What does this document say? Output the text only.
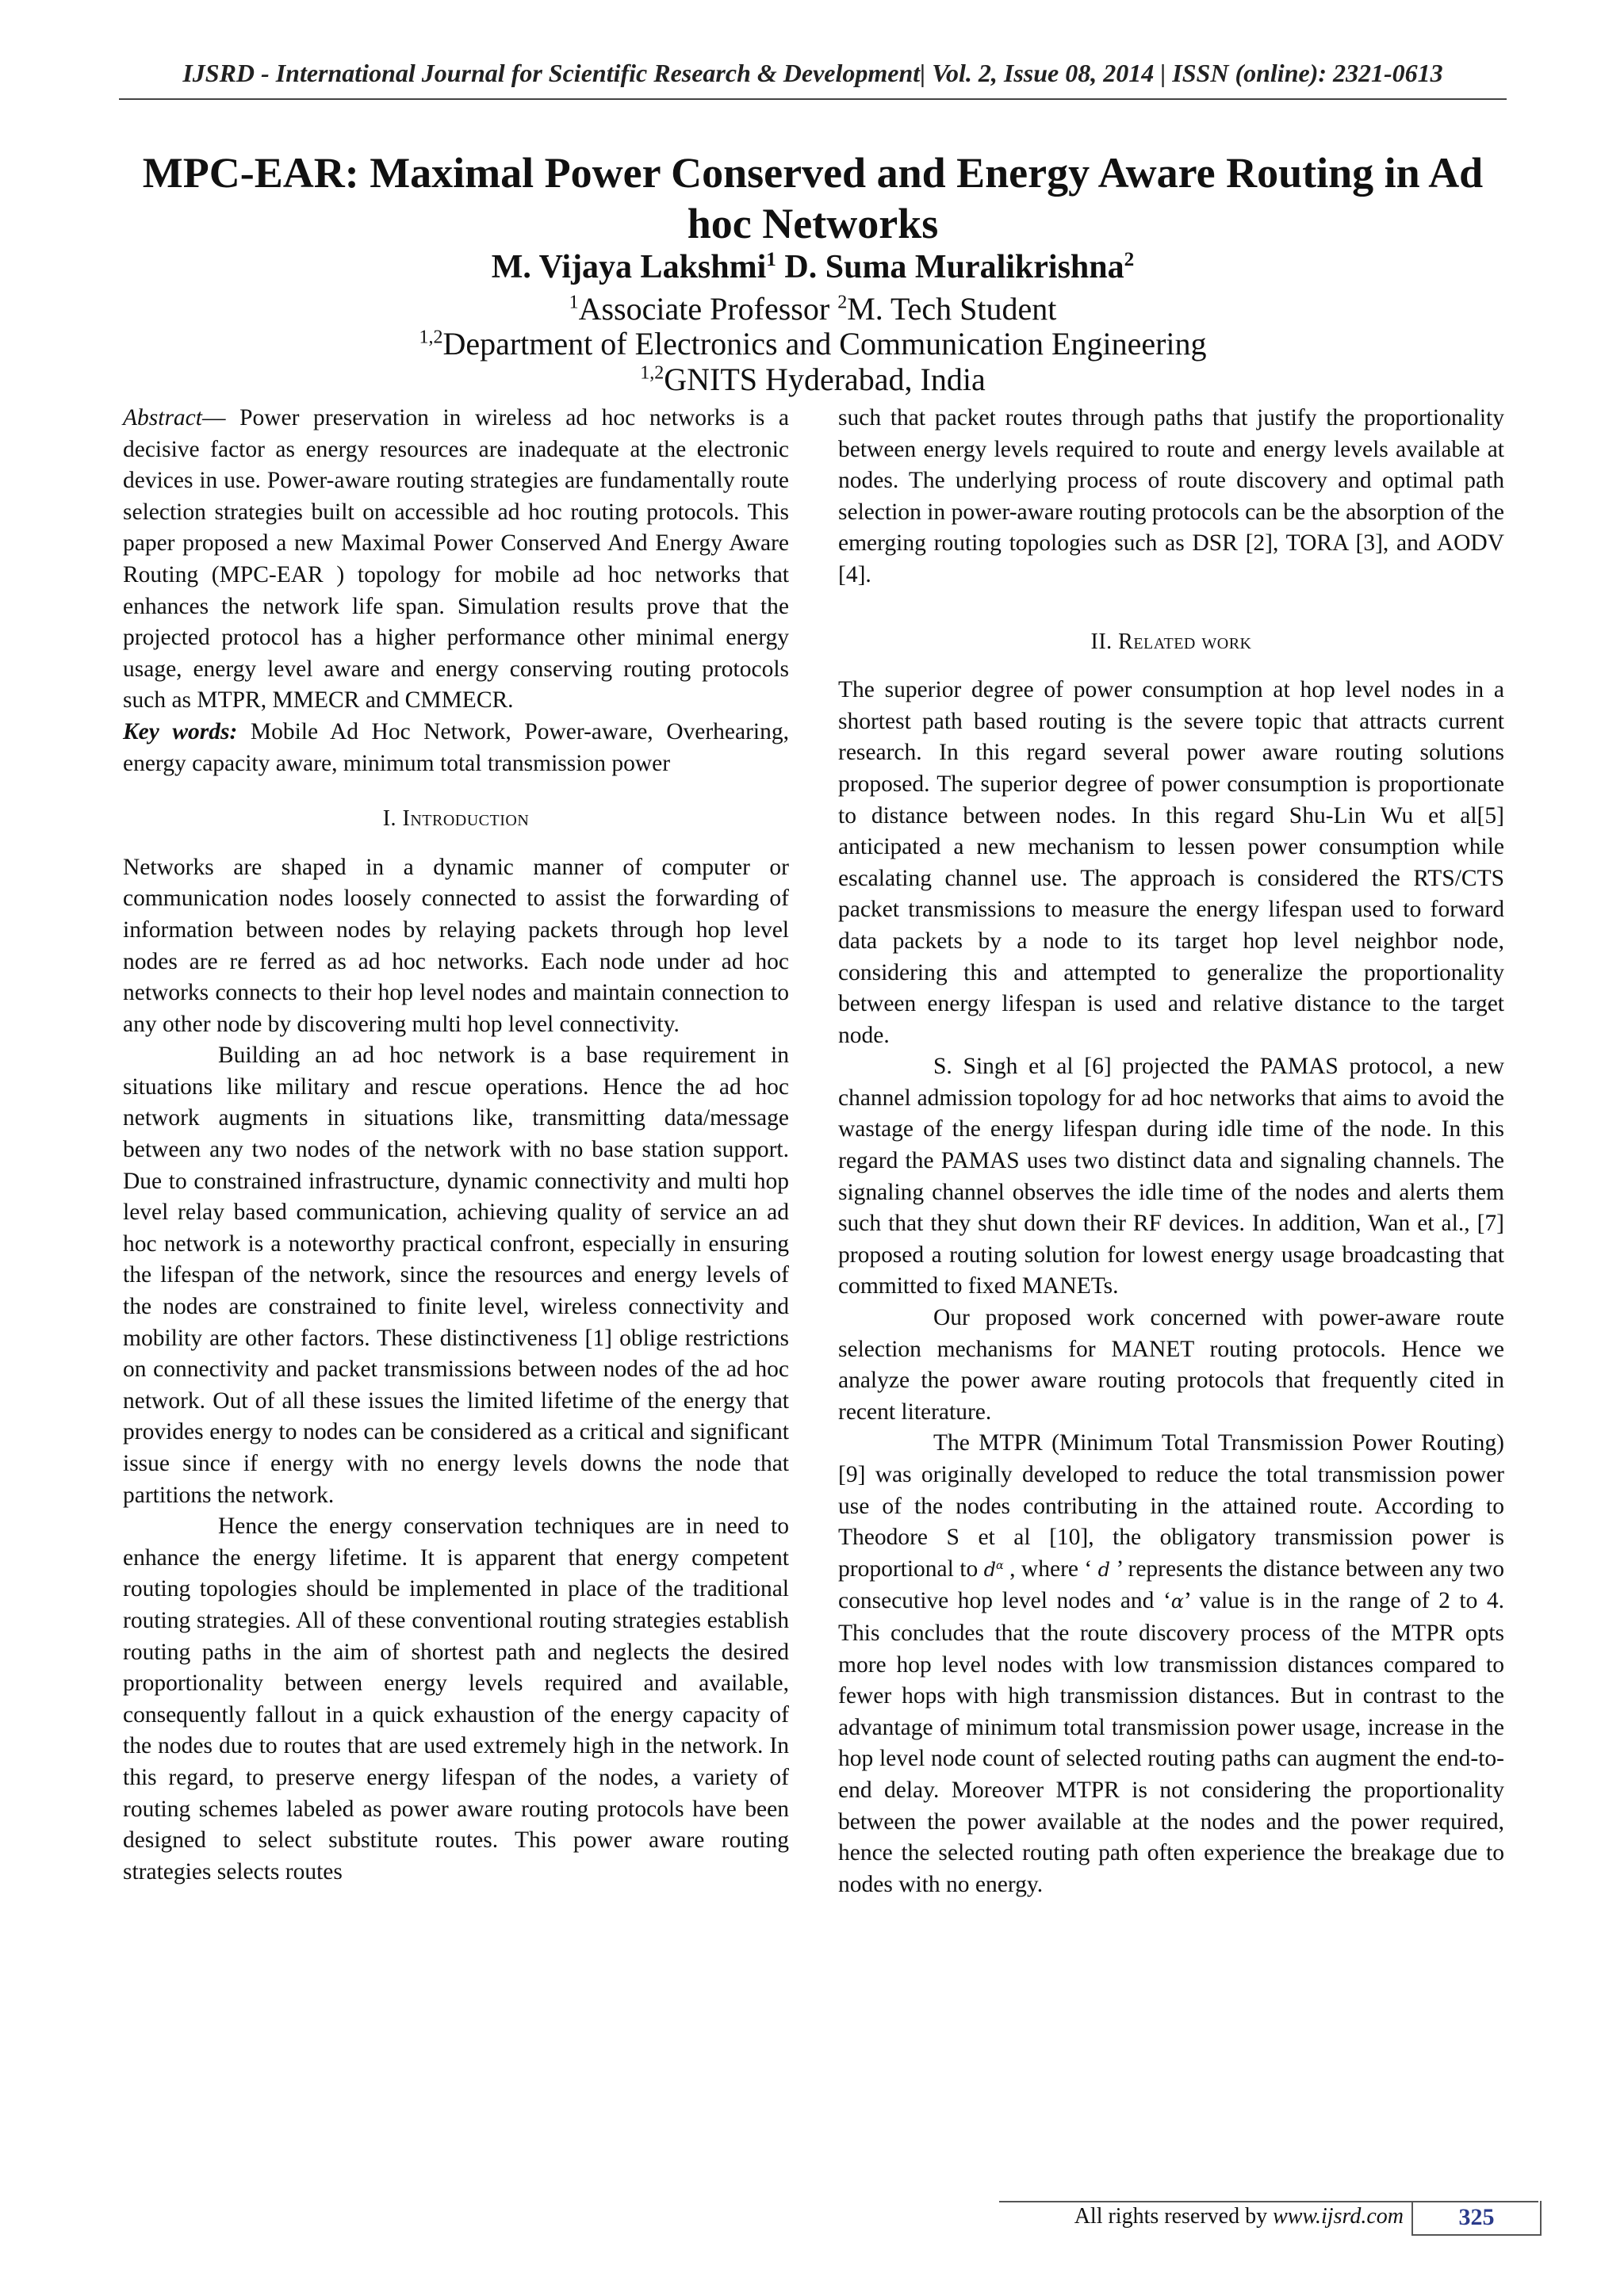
IJSRD - International Journal for Scientific Research & Development| Vol. 2, Issue 08, 2014 | ISSN (online): 2321-0613
MPC-EAR: Maximal Power Conserved and Energy Aware Routing in Ad
hoc Networks
M. Vijaya Lakshmi$^1$ D. Suma Muralikrishna$^2$
$^1$Associate Professor $^2$M. Tech Student
$^{1,2}$Department of Electronics and Communication Engineering
$^{1,2}$GNITS Hyderabad, India

Abstract— Power preservation in wireless ad hoc networks is a decisive factor as energy resources are inadequate at the electronic devices in use. Power-aware routing strategies are fundamentally route selection strategies built on accessible ad hoc routing protocols. This paper proposed a new Maximal Power Conserved And Energy Aware Routing (MPC-EAR ) topology for mobile ad hoc networks that enhances the network life span. Simulation results prove that the projected protocol has a higher performance other minimal energy usage, energy level aware and energy conserving routing protocols such as MTPR, MMECR and CMMECR.

Key words: Mobile Ad Hoc Network, Power-aware, Overhearing, energy capacity aware, minimum total transmission power

I. Introduction

Networks are shaped in a dynamic manner of computer or communication nodes loosely connected to assist the forwarding of information between nodes by relaying packets through hop level nodes are re ferred as ad hoc networks. Each node under ad hoc networks connects to their hop level nodes and maintain connection to any other node by discovering multi hop level connectivity.

Building an ad hoc network is a base requirement in situations like military and rescue operations. Hence the ad hoc network augments in situations like, transmitting data/message between any two nodes of the network with no base station support. Due to constrained infrastructure, dynamic connectivity and multi hop level relay based communication, achieving quality of service an ad hoc network is a noteworthy practical confront, especially in ensuring the lifespan of the network, since the resources and energy levels of the nodes are constrained to finite level, wireless connectivity and mobility are other factors. These distinctiveness [1] oblige restrictions on connectivity and packet transmissions between nodes of the ad hoc network. Out of all these issues the limited lifetime of the energy that provides energy to nodes can be considered as a critical and significant issue since if energy with no energy levels downs the node that partitions the network.

Hence the energy conservation techniques are in need to enhance the energy lifetime. It is apparent that energy competent routing topologies should be implemented in place of the traditional routing strategies. All of these conventional routing strategies establish routing paths in the aim of shortest path and neglects the desired proportionality between energy levels required and available, consequently fallout in a quick exhaustion of the energy capacity of the nodes due to routes that are used extremely high in the network. In this regard, to preserve energy lifespan of the nodes, a variety of routing schemes labeled as power aware routing protocols have been designed to select substitute routes. This power aware routing strategies selects routes

such that packet routes through paths that justify the proportionality between energy levels required to route and energy levels available at nodes. The underlying process of route discovery and optimal path selection in power-aware routing protocols can be the absorption of the emerging routing topologies such as DSR [2], TORA [3], and AODV [4].

II. Related work

The superior degree of power consumption at hop level nodes in a shortest path based routing is the severe topic that attracts current research. In this regard several power aware routing solutions proposed. The superior degree of power consumption is proportionate to distance between nodes. In this regard Shu-Lin Wu et al[5] anticipated a new mechanism to lessen power consumption while escalating channel use. The approach is considered the RTS/CTS packet transmissions to measure the energy lifespan used to forward data packets by a node to its target hop level neighbor node, considering this and attempted to generalize the proportionality between energy lifespan is used and relative distance to the target node.

S. Singh et al [6] projected the PAMAS protocol, a new channel admission topology for ad hoc networks that aims to avoid the wastage of the energy lifespan during idle time of the node. In this regard the PAMAS uses two distinct data and signaling channels. The signaling channel observes the idle time of the nodes and alerts them such that they shut down their RF devices. In addition, Wan et al., [7] proposed a routing solution for lowest energy usage broadcasting that committed to fixed MANETs.

Our proposed work concerned with power-aware route selection mechanisms for MANET routing protocols. Hence we analyze the power aware routing protocols that frequently cited in recent literature.

The MTPR (Minimum Total Transmission Power Routing) [9] was originally developed to reduce the total transmission power use of the nodes contributing in the attained route. According to Theodore S et al [10], the obligatory transmission power is proportional to $d^\alpha$ , where ‘ d ’ represents the distance between any two consecutive hop level nodes and ‘α’ value is in the range of 2 to 4. This concludes that the route discovery process of the MTPR opts more hop level nodes with low transmission distances compared to fewer hops with high transmission distances. But in contrast to the advantage of minimum total transmission power usage, increase in the hop level node count of selected routing paths can augment the end-to-end delay. Moreover MTPR is not considering the proportionality between the power available at the nodes and the power required, hence the selected routing path often experience the breakage due to nodes with no energy.

All rights reserved by www.ijsrd.com	325
